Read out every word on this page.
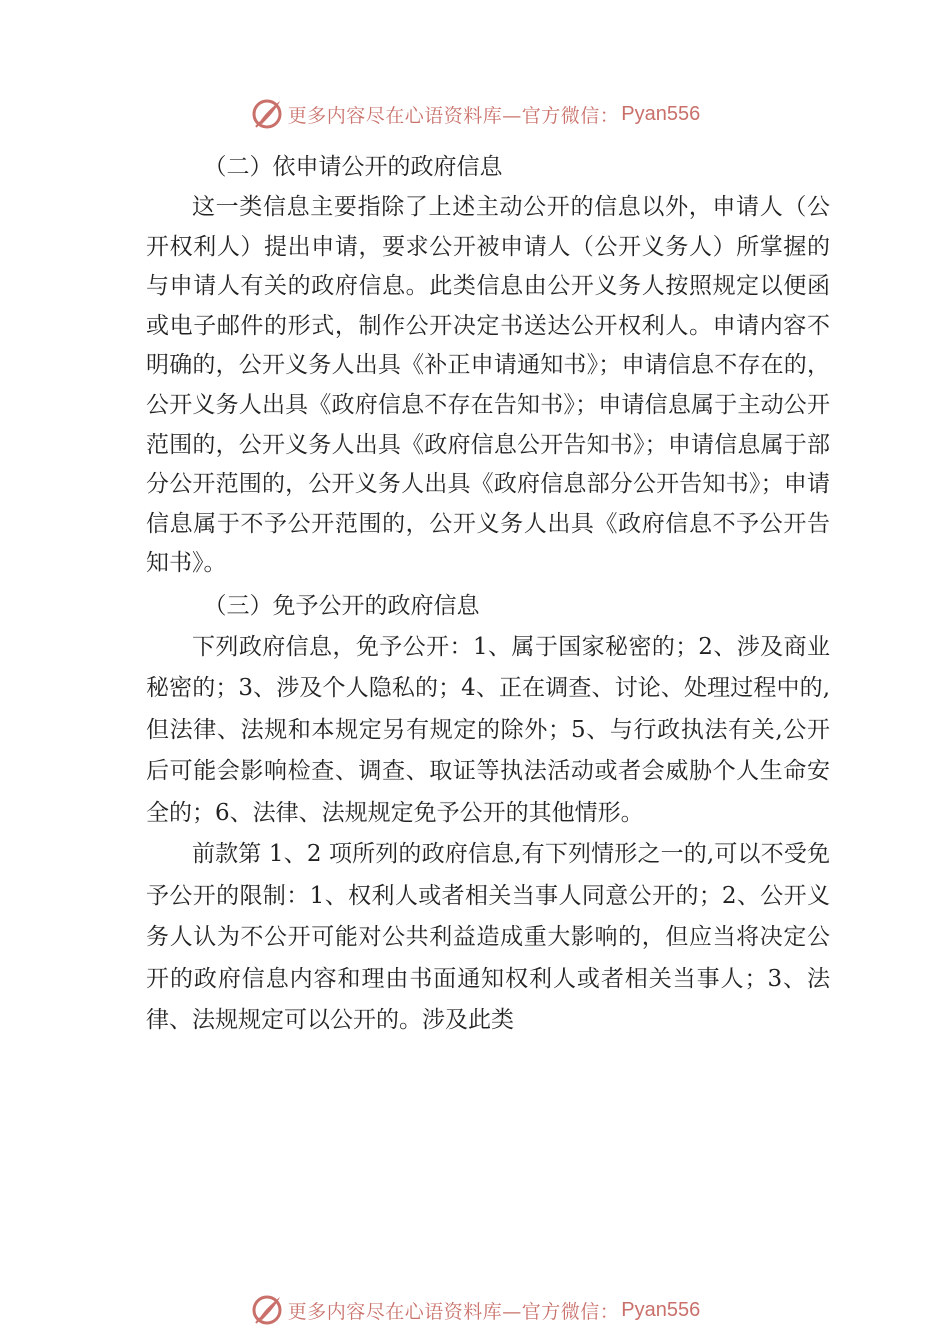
更多内容尽在心语资料库—官方微信： Pyan556

（二）依申请公开的政府信息

这一类信息主要指除了上述主动公开的信息以外，申请人（公开权利人）提出申请，要求公开被申请人（公开义务人）所掌握的与申请人有关的政府信息。此类信息由公开义务人按照规定以便函或电子邮件的形式，制作公开决定书送达公开权利人。申请内容不明确的，公开义务人出具《补正申请通知书》；申请信息不存在的，公开义务人出具《政府信息不存在告知书》；申请信息属于主动公开范围的，公开义务人出具《政府信息公开告知书》；申请信息属于部分公开范围的，公开义务人出具《政府信息部分公开告知书》；申请信息属于不予公开范围的，公开义务人出具《政府信息不予公开告知书》。

（三）免予公开的政府信息

下列政府信息，免予公开：1、属于国家秘密的；2、涉及商业秘密的；3、涉及个人隐私的；4、正在调查、讨论、处理过程中的,但法律、法规和本规定另有规定的除外；5、与行政执法有关,公开后可能会影响检查、调查、取证等执法活动或者会威胁个人生命安全的；6、法律、法规规定免予公开的其他情形。

前款第 1、2 项所列的政府信息,有下列情形之一的,可以不受免予公开的限制：1、权利人或者相关当事人同意公开的；2、公开义务人认为不公开可能对公共利益造成重大影响的，但应当将决定公开的政府信息内容和理由书面通知权利人或者相关当事人；3、法律、法规规定可以公开的。涉及此类

更多内容尽在心语资料库—官方微信： Pyan556
